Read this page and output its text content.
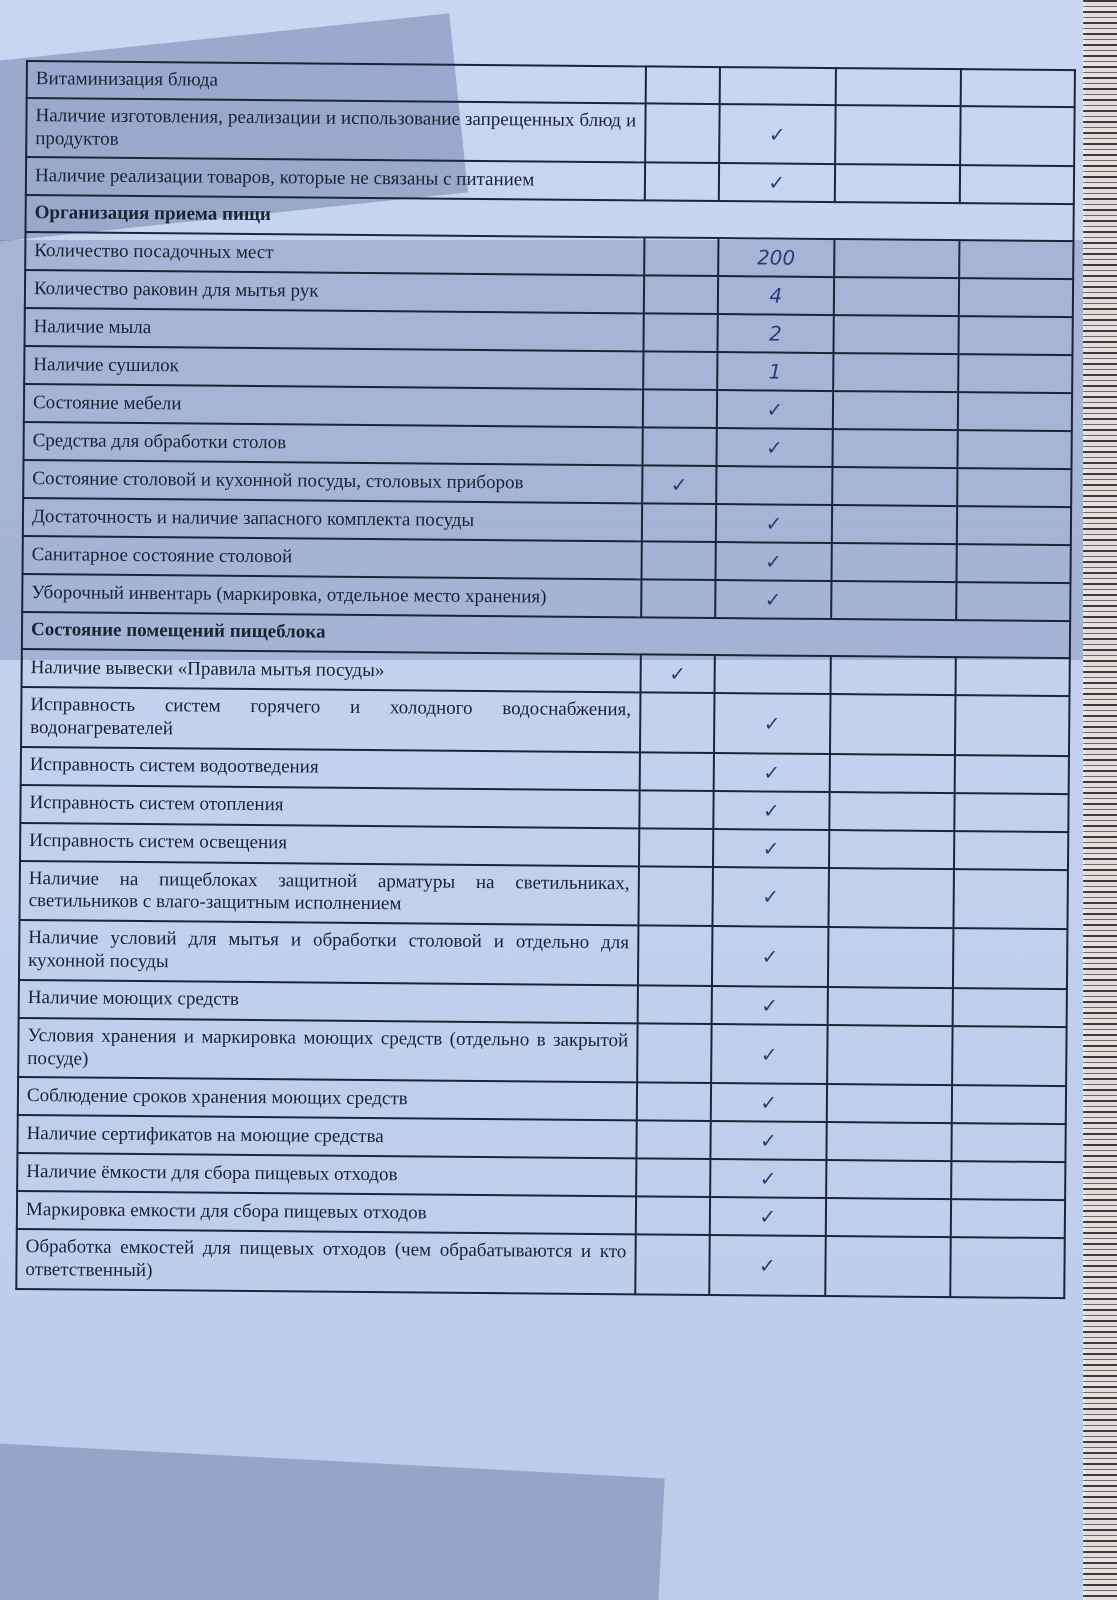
Витаминизация блюда				
Наличие изготовления, реализации и использование запрещенных блюд и продуктов		✓		
Наличие реализации товаров, которые не связаны с питанием		✓		
Организация приема пищи				
Количество посадочных мест		200		
Количество раковин для мытья рук		4		
Наличие мыла		2		
Наличие сушилок		1		
Состояние мебели		✓		
Средства для обработки столов		✓		
Состояние столовой и кухонной посуды, столовых приборов	✓			
Достаточность и наличие запасного комплекта посуды		✓		
Санитарное состояние столовой		✓		
Уборочный инвентарь (маркировка, отдельное место хранения)		✓		
Состояние помещений пищеблока				
Наличие вывески «Правила мытья посуды»	✓			
Исправность систем горячего и холодного водоснабжения, водонагревателей		✓		
Исправность систем водоотведения		✓		
Исправность систем отопления		✓		
Исправность систем освещения		✓		
Наличие на пищеблоках защитной арматуры на светильниках, светильников с влаго-защитным исполнением		✓		
Наличие условий для мытья и обработки столовой и отдельно для кухонной посуды		✓		
Наличие моющих средств		✓		
Условия хранения и маркировка моющих средств (отдельно в закрытой посуде)		✓		
Соблюдение сроков хранения моющих средств		✓		
Наличие сертификатов на моющие средства		✓		
Наличие ёмкости для сбора пищевых отходов		✓		
Маркировка емкости для сбора пищевых отходов		✓		
Обработка емкостей для пищевых отходов (чем обрабатываются и кто ответственный)		✓		
